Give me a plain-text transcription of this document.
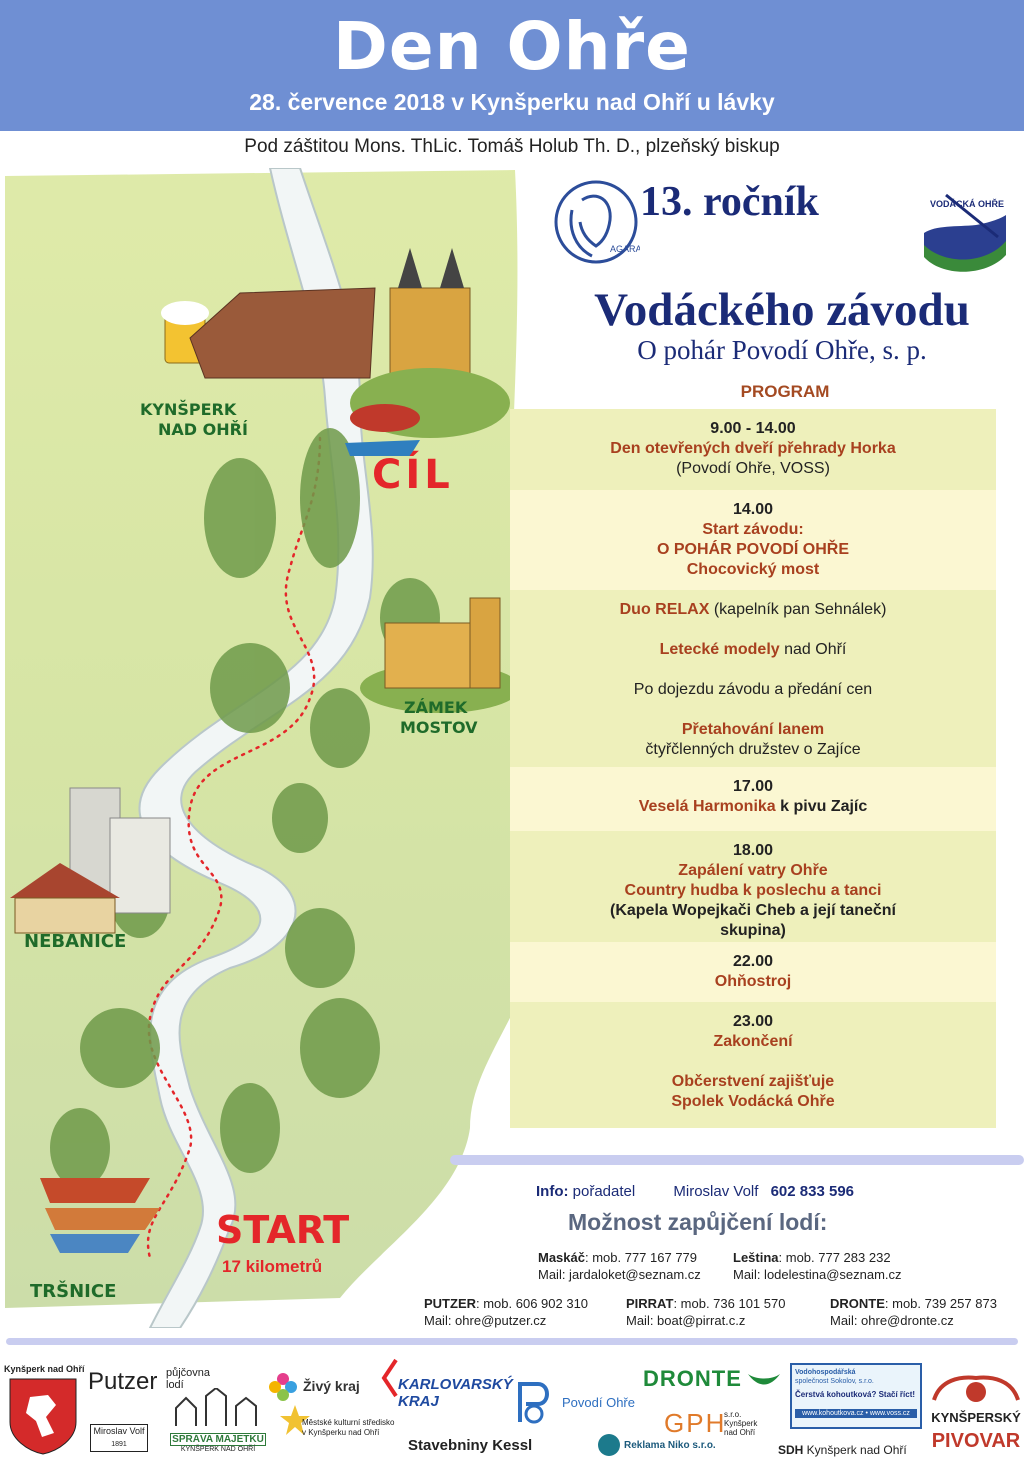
Den Ohře
28. července 2018 v Kynšperku nad Ohří u lávky
Pod záštitou Mons. ThLic. Tomáš Holub Th. D., plzeňský biskup
KYNŠPERK
NAD OHŘÍ
ZÁMEK
MOSTOV
NEBANICE
TRŠNICE
CÍL
START
17 kilometrů
AGARA
13. ročník	VODÁCKÁ OHŘE
Vodáckého závodu
O pohár Povodí Ohře, s. p.
PROGRAM
9.00 - 14.00
Den otevřených dveří přehrady Horka
(Povodí Ohře, VOSS)
14.00
Start závodu:
O POHÁR POVODÍ OHŘE
Chocovický most
Duo RELAX (kapelník pan Sehnálek)
Letecké modely nad Ohří
Po dojezdu závodu a předání cen
Přetahování lanem
čtyřčlenných družstev o Zajíce
17.00
Veselá Harmonika k pivu Zajíc
18.00
Zapálení vatry Ohře
Country hudba k poslechu a tanci
(Kapela Wopejkači Cheb a její taneční skupina)
22.00
Ohňostroj
23.00
Zakončení
Občerstvení zajišťuje
Spolek Vodácká Ohře
Info: pořadatel	Miroslav Volf 602 833 596
Možnost zapůjčení lodí:
Maskáč: mob. 777 167 779
Mail: jardaloket@seznam.cz
Leština: mob. 777 283 232
Mail: lodelestina@seznam.cz
PUTZER: mob. 606 902 310
Mail: ohre@putzer.cz
PIRRAT: mob. 736 101 570
Mail: boat@pirrat.c.z
DRONTE: mob. 739 257 873
Mail: ohre@dronte.cz
Kynšperk nad Ohří Putzer půjčovna
lodí
Miroslav Volf
1891	SPRÁVA MAJETKU
KYNŠPERK NAD OHŘÍ
Živý kraj
Městské kulturní středisko
v Kynšperku nad Ohří
KARLOVARSKÝ
KRAJ
Stavebniny Kessl
Povodí Ohře
Reklama Niko s.r.o.
DRONTE
GPH
s.r.o.
Kynšperk
nad Ohří
Vodohospodářská
společnost Sokolov, s.r.o.
Čerstvá kohoutková? Stačí říct!
www.kohoutkova.cz • www.voss.cz
SDH Kynšperk nad Ohří
KYNŠPERSKÝ
PIVOVAR
